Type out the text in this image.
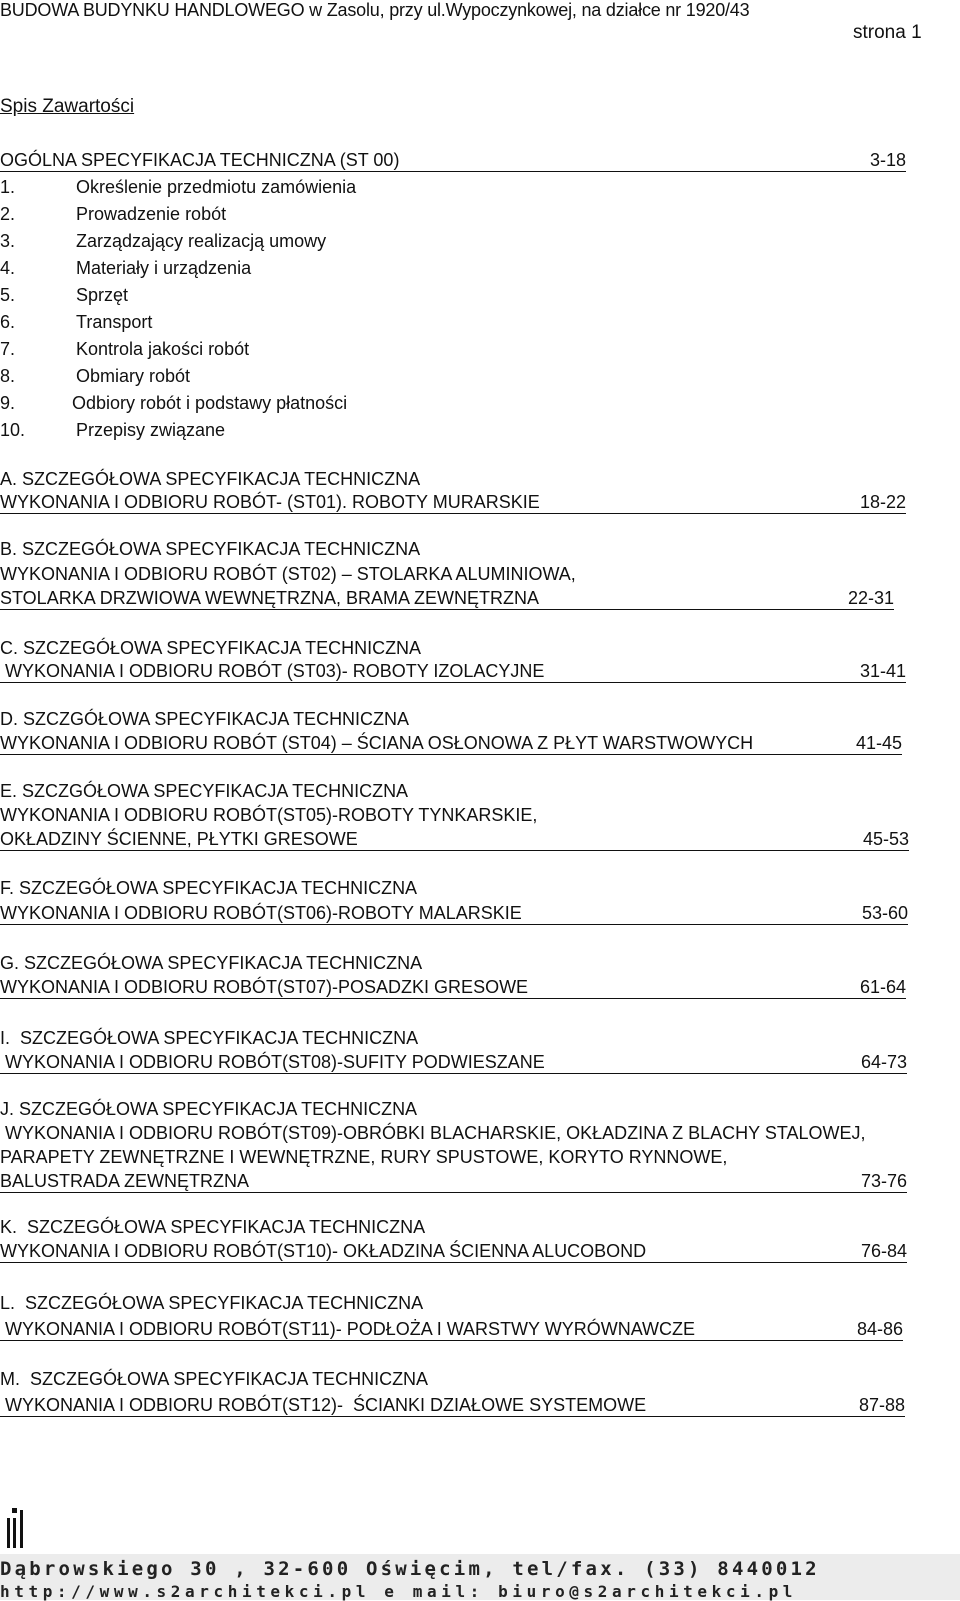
BUDOWA BUDYNKU HANDLOWEGO w Zasolu, przy ul.Wypoczynkowej, na działce nr 1920/43
strona 1
Spis Zawartości
OGÓLNA SPECYFIKACJA TECHNICZNA (ST 00)	3-18
1.	Określenie przedmiotu zamówienia
2.	Prowadzenie robót
3.	Zarządzający realizacją umowy
4.	Materiały i urządzenia
5.	Sprzęt
6.	Transport
7.	Kontrola jakości robót
8.	Obmiary robót
9.	Odbiory robót i podstawy płatności
10.	Przepisy związane
A. SZCZEGÓŁOWA SPECYFIKACJA TECHNICZNA
WYKONANIA I ODBIORU ROBÓT- (ST01). ROBOTY MURARSKIE	18-22
B. SZCZEGÓŁOWA SPECYFIKACJA TECHNICZNA
WYKONANIA I ODBIORU ROBÓT (ST02) – STOLARKA ALUMINIOWA,
STOLARKA DRZWIOWA WEWNĘTRZNA, BRAMA ZEWNĘTRZNA	22-31
C. SZCZEGÓŁOWA SPECYFIKACJA TECHNICZNA
WYKONANIA I ODBIORU ROBÓT (ST03)- ROBOTY IZOLACYJNE	31-41
D. SZCZGÓŁOWA SPECYFIKACJA TECHNICZNA
WYKONANIA I ODBIORU ROBÓT (ST04) – ŚCIANA OSŁONOWA Z PŁYT WARSTWOWYCH	41-45
E. SZCZGÓŁOWA SPECYFIKACJA TECHNICZNA
WYKONANIA I ODBIORU ROBÓT(ST05)-ROBOTY TYNKARSKIE,
OKŁADZINY ŚCIENNE, PŁYTKI GRESOWE	45-53
F. SZCZEGÓŁOWA SPECYFIKACJA TECHNICZNA
WYKONANIA I ODBIORU ROBÓT(ST06)-ROBOTY MALARSKIE	53-60
G. SZCZEGÓŁOWA SPECYFIKACJA TECHNICZNA
WYKONANIA I ODBIORU ROBÓT(ST07)-POSADZKI GRESOWE	61-64
I.  SZCZEGÓŁOWA SPECYFIKACJA TECHNICZNA
WYKONANIA I ODBIORU ROBÓT(ST08)-SUFITY PODWIESZANE	64-73
J. SZCZEGÓŁOWA SPECYFIKACJA TECHNICZNA
WYKONANIA I ODBIORU ROBÓT(ST09)-OBRÓBKI BLACHARSKIE, OKŁADZINA Z BLACHY STALOWEJ,
PARAPETY ZEWNĘTRZNE I WEWNĘTRZNE, RURY SPUSTOWE, KORYTO RYNNOWE,
BALUSTRADA ZEWNĘTRZNA	73-76
K.  SZCZEGÓŁOWA SPECYFIKACJA TECHNICZNA
WYKONANIA I ODBIORU ROBÓT(ST10)- OKŁADZINA ŚCIENNA ALUCOBOND	76-84
L.  SZCZEGÓŁOWA SPECYFIKACJA TECHNICZNA
WYKONANIA I ODBIORU ROBÓT(ST11)- PODŁOŻA I WARSTWY WYRÓWNAWCZE	84-86
M.  SZCZEGÓŁOWA SPECYFIKACJA TECHNICZNA
WYKONANIA I ODBIORU ROBÓT(ST12)-  ŚCIANKI DZIAŁOWE SYSTEMOWE	87-88
Dąbrowskiego 30 , 32-600 Oświęcim, tel/fax. (33) 8440012
http://www.s2architekci.pl e mail: biuro@s2architekci.pl
